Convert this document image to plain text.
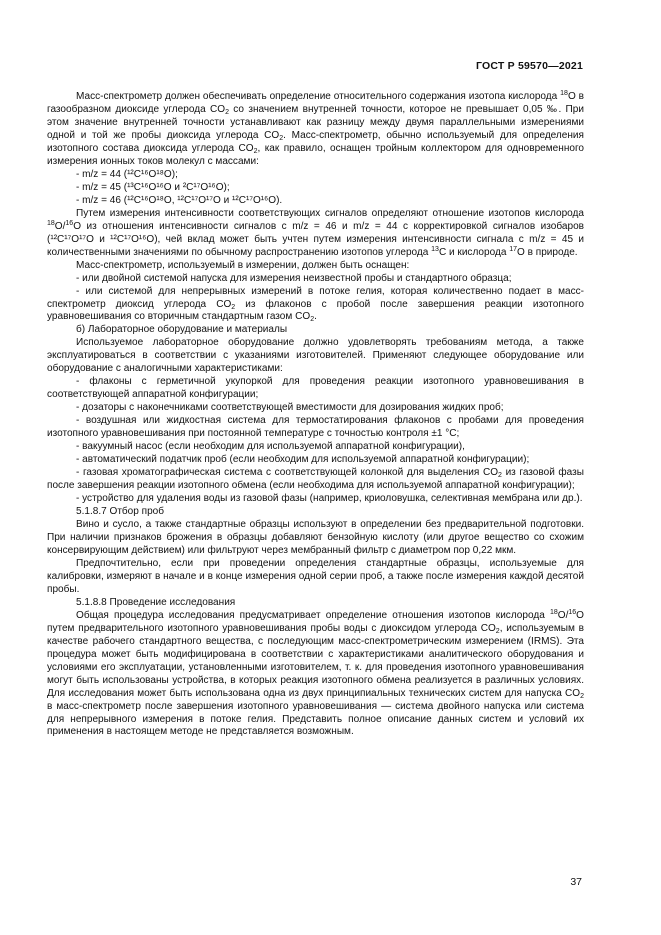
ГОСТ Р 59570—2021

Масс-спектрометр должен обеспечивать определение относительного содержания изотопа кислорода $^{18}$O в газообразном диоксиде углерода $CO_2$ со значением внутренней точности, которое не превышает 0,05 ‰. При этом значение внутренней точности устанавливают как разницу между двумя параллельными измерениями одной и той же пробы диоксида углерода $CO_2$. Масс-спектрометр, обычно используемый для определения изотопного состава диоксида углерода $CO_2$, как правило, оснащен тройным коллектором для одновременного измерения ионных токов молекул с массами:

- m/z = 44 (¹²C¹⁶O¹⁸O);

- m/z = 45 (¹³C¹⁶O¹⁶O и ²C¹⁷O¹⁶O);

- m/z = 46 (¹²C¹⁶O¹⁸O, ¹²C¹⁷O¹⁷O и ¹²C¹⁷O¹⁶O).

Путем измерения интенсивности соответствующих сигналов определяют отношение изотопов кислорода $^{18}$O/$^{16}$O из отношения интенсивности сигналов с m/z = 46 и m/z = 44 с корректировкой сигналов изобаров (¹²C¹⁷O¹⁷O и ¹²C¹⁷O¹⁶O), чей вклад может быть учтен путем измерения интенсивности сигнала с m/z = 45 и количественными значениями по обычному распространению изотопов углерода $^{13}$C и кислорода $^{17}$O в природе.

Масс-спектрометр, используемый в измерении, должен быть оснащен:

- или двойной системой напуска для измерения неизвестной пробы и стандартного образца;

- или системой для непрерывных измерений в потоке гелия, которая количественно подает в масс-спектрометр диоксид углерода $CO_2$ из флаконов с пробой после завершения реакции изотопного уравновешивания со вторичным стандартным газом $CO_2$.

б) Лабораторное оборудование и материалы

Используемое лабораторное оборудование должно удовлетворять требованиям метода, а также эксплуатироваться в соответствии с указаниями изготовителей. Применяют следующее оборудование или оборудование с аналогичными характеристиками:

- флаконы с герметичной укупоркой для проведения реакции изотопного уравновешивания в соответствующей аппаратной конфигурации;

- дозаторы с наконечниками соответствующей вместимости для дозирования жидких проб;

- воздушная или жидкостная система для термостатирования флаконов с пробами для проведения изотопного уравновешивания при постоянной температуре с точностью контроля ±1 °C;

- вакуумный насос (если необходим для используемой аппаратной конфигурации),

- автоматический податчик проб (если необходим для используемой аппаратной конфигурации);

- газовая хроматографическая система с соответствующей колонкой для выделения $CO_2$ из газовой фазы после завершения реакции изотопного обмена (если необходима для используемой аппаратной конфигурации);

- устройство для удаления воды из газовой фазы (например, криоловушка, селективная мембрана или др.).

5.1.8.7 Отбор проб

Вино и сусло, а также стандартные образцы используют в определении без предварительной подготовки. При наличии признаков брожения в образцы добавляют бензойную кислоту (или другое вещество со схожим консервирующим действием) или фильтруют через мембранный фильтр с диаметром пор 0,22 мкм.

Предпочтительно, если при проведении определения стандартные образцы, используемые для калибровки, измеряют в начале и в конце измерения одной серии проб, а также после измерения каждой десятой пробы.

5.1.8.8 Проведение исследования

Общая процедура исследования предусматривает определение отношения изотопов кислорода $^{18}$O/$^{16}$O путем предварительного изотопного уравновешивания пробы воды с диоксидом углерода $CO_2$, используемым в качестве рабочего стандартного вещества, с последующим масс-спектрометрическим измерением (IRMS). Эта процедура может быть модифицирована в соответствии с характеристиками аналитического оборудования и условиями его эксплуатации, установленными изготовителем, т. к. для проведения изотопного уравновешивания могут быть использованы устройства, в которых реакция изотопного обмена реализуется в различных условиях. Для исследования может быть использована одна из двух принципиальных технических систем для напуска $CO_2$ в масс-спектрометр после завершения изотопного уравновешивания — система двойного напуска или система для непрерывного измерения в потоке гелия. Представить полное описание данных систем и условий их применения в настоящем методе не представляется возможным.

37
